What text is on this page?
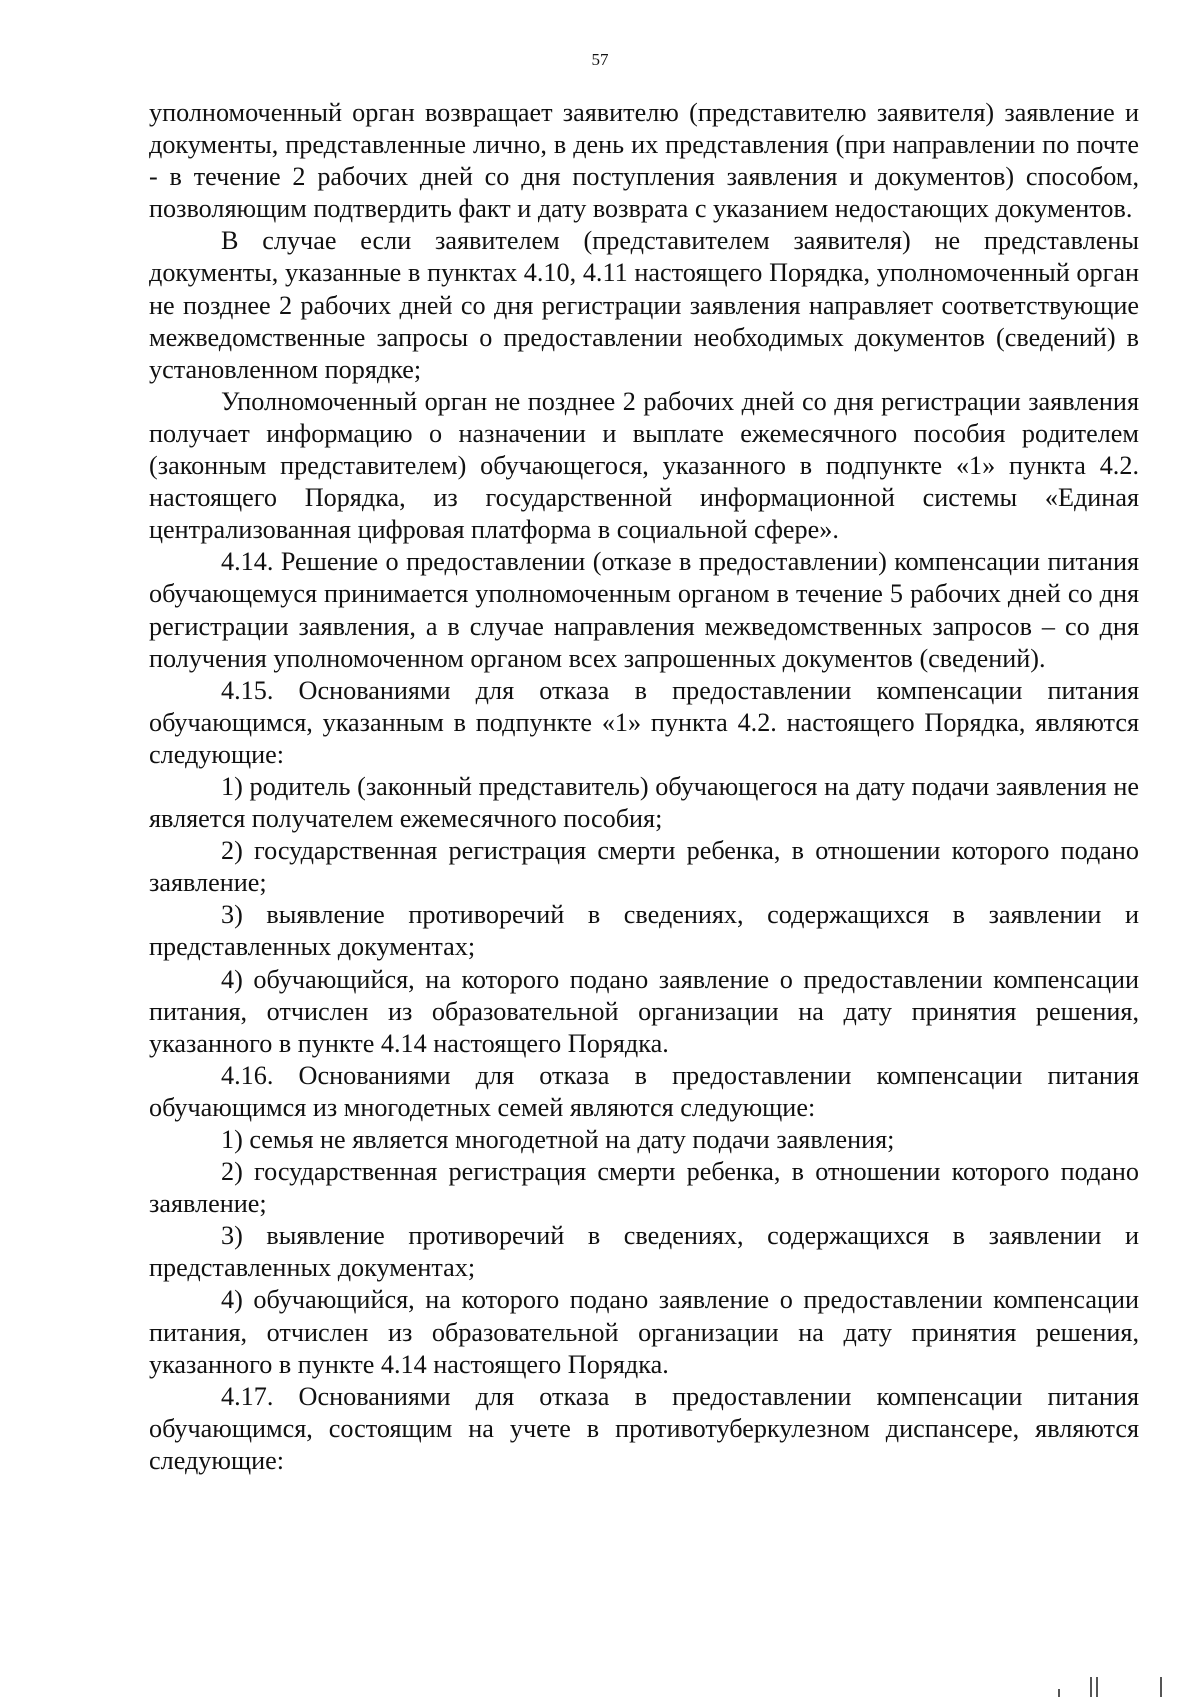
57

уполномоченный орган возвращает заявителю (представителю заявителя) заявление и документы, представленные лично, в день их представления (при направлении по почте - в течение 2 рабочих дней со дня поступления заявления и документов) способом, позволяющим подтвердить факт и дату возврата с указанием недостающих документов.

В случае если заявителем (представителем заявителя) не представлены документы, указанные в пунктах 4.10, 4.11 настоящего Порядка, уполномоченный орган не позднее 2 рабочих дней со дня регистрации заявления направляет соответствующие межведомственные запросы о предоставлении необходимых документов (сведений) в установленном порядке;

Уполномоченный орган не позднее 2 рабочих дней со дня регистрации заявления получает информацию о назначении и выплате ежемесячного пособия родителем (законным представителем) обучающегося, указанного в подпункте «1» пункта 4.2. настоящего Порядка, из государственной информационной системы «Единая централизованная цифровая платформа в социальной сфере».

4.14. Решение о предоставлении (отказе в предоставлении) компенсации питания обучающемуся принимается уполномоченным органом в течение 5 рабочих дней со дня регистрации заявления, а в случае направления межведомственных запросов – со дня получения уполномоченном органом всех запрошенных документов (сведений).

4.15. Основаниями для отказа в предоставлении компенсации питания обучающимся, указанным в подпункте «1» пункта 4.2. настоящего Порядка, являются следующие:

1) родитель (законный представитель) обучающегося на дату подачи заявления не является получателем ежемесячного пособия;

2) государственная регистрация смерти ребенка, в отношении которого подано заявление;

3) выявление противоречий в сведениях, содержащихся в заявлении и представленных документах;

4) обучающийся, на которого подано заявление о предоставлении компенсации питания, отчислен из образовательной организации на дату принятия решения, указанного в пункте 4.14 настоящего Порядка.

4.16. Основаниями для отказа в предоставлении компенсации питания обучающимся из многодетных семей являются следующие:

1) семья не является многодетной на дату подачи заявления;

2) государственная регистрация смерти ребенка, в отношении которого подано заявление;

3) выявление противоречий в сведениях, содержащихся в заявлении и представленных документах;

4) обучающийся, на которого подано заявление о предоставлении компенсации питания, отчислен из образовательной организации на дату принятия решения, указанного в пункте 4.14 настоящего Порядка.

4.17. Основаниями для отказа в предоставлении компенсации питания обучающимся, состоящим на учете в противотуберкулезном диспансере, являются следующие:
